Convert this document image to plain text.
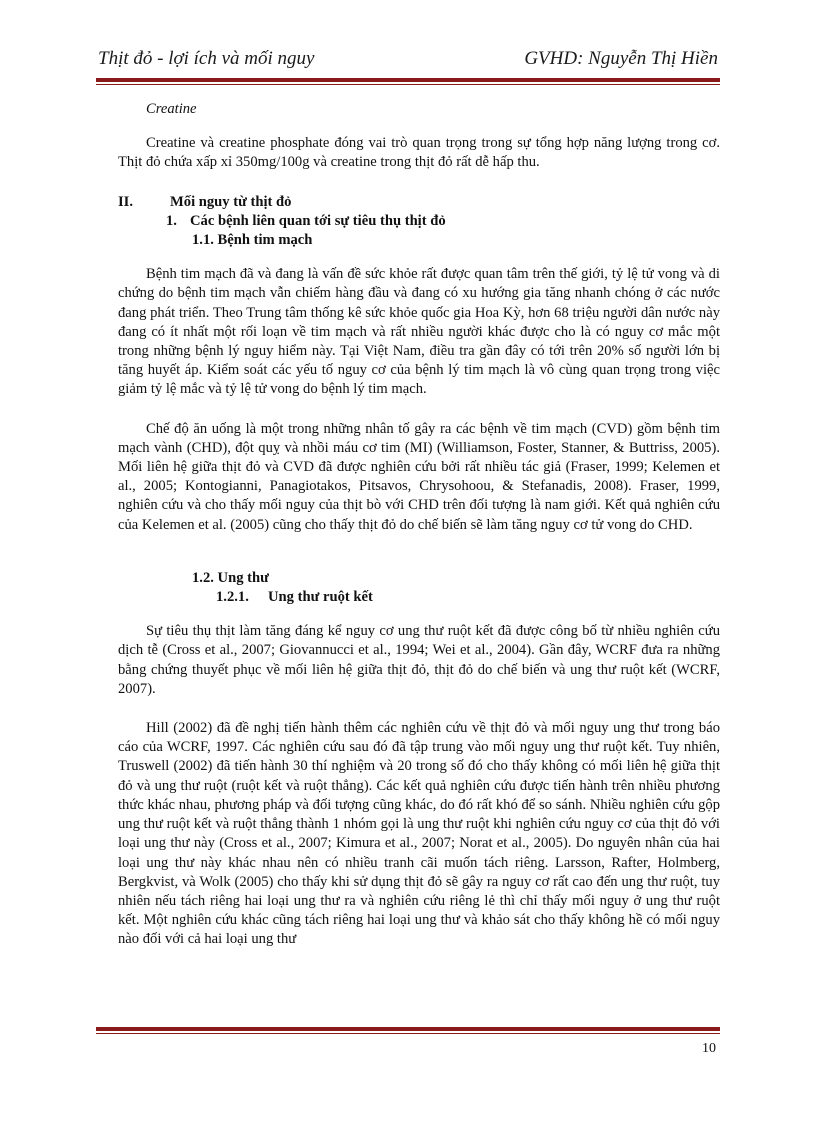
Thịt đỏ - lợi ích và mối nguy	GVHD: Nguyễn Thị Hiền
Creatine

Creatine và creatine phosphate đóng vai trò quan trọng trong sự tổng hợp năng lượng trong cơ. Thịt đỏ chứa xấp xỉ 350mg/100g và creatine trong thịt đỏ rất dễ hấp thu.

II.	Mối nguy từ thịt đỏ
1. Các bệnh liên quan tới sự tiêu thụ thịt đỏ
1.1. Bệnh tim mạch

Bệnh tim mạch đã và đang là vấn đề sức khỏe rất được quan tâm trên thế giới, tỷ lệ tử vong và di chứng do bệnh tim mạch vẫn chiếm hàng đầu và đang có xu hướng gia tăng nhanh chóng ở các nước đang phát triển. Theo Trung tâm thống kê sức khỏe quốc gia Hoa Kỳ, hơn 68 triệu người dân nước này đang có ít nhất một rối loạn về tim mạch và rất nhiều người khác được cho là có nguy cơ mắc một trong những bệnh lý nguy hiểm này. Tại Việt Nam, điều tra gần đây có tới trên 20% số người lớn bị tăng huyết áp. Kiểm soát các yếu tố nguy cơ của bệnh lý tim mạch là vô cùng quan trọng trong việc giảm tỷ lệ mắc và tỷ lệ tử vong do bệnh lý tim mạch.

Chế độ ăn uống là một trong những nhân tố gây ra các bệnh về tim mạch (CVD) gồm bệnh tim mạch vành (CHD), đột quỵ và nhồi máu cơ tim (MI) (Williamson, Foster, Stanner, & Buttriss, 2005). Mối liên hệ giữa thịt đỏ và CVD đã được nghiên cứu bởi rất nhiều tác giả (Fraser, 1999; Kelemen et al., 2005; Kontogianni, Panagiotakos, Pitsavos, Chrysohoou, & Stefanadis, 2008). Fraser, 1999, nghiên cứu và cho thấy mối nguy của thịt bò với CHD trên đối tượng là nam giới. Kết quả nghiên cứu của Kelemen et al. (2005) cũng cho thấy thịt đỏ do chế biến sẽ làm tăng nguy cơ tử vong do CHD.

1.2. Ung thư
1.2.1.	Ung thư ruột kết

Sự tiêu thụ thịt làm tăng đáng kể nguy cơ ung thư ruột kết đã được công bố từ nhiều nghiên cứu dịch tễ (Cross et al., 2007; Giovannucci et al., 1994; Wei et al., 2004). Gần đây, WCRF đưa ra những bằng chứng thuyết phục về mối liên hệ giữa thịt đỏ, thịt đỏ do chế biến và ung thư ruột kết (WCRF, 2007).

Hill (2002) đã đề nghị tiến hành thêm các nghiên cứu về thịt đỏ và mối nguy ung thư trong báo cáo của WCRF, 1997. Các nghiên cứu sau đó đã tập trung vào mối nguy ung thư ruột kết. Tuy nhiên, Truswell (2002) đã tiến hành 30 thí nghiệm và 20 trong số đó cho thấy không có mối liên hệ giữa thịt đỏ và ung thư ruột (ruột kết và ruột thẳng). Các kết quả nghiên cứu được tiến hành trên nhiều phương thức khác nhau, phương pháp và đối tượng cũng khác, do đó rất khó để so sánh. Nhiều nghiên cứu gộp ung thư ruột kết và ruột thẳng thành 1 nhóm gọi là ung thư ruột khi nghiên cứu nguy cơ của thịt đỏ với loại ung thư này (Cross et al., 2007; Kimura et al., 2007; Norat et al., 2005). Do nguyên nhân của hai loại ung thư này khác nhau nên có nhiều tranh cãi muốn tách riêng. Larsson, Rafter, Holmberg, Bergkvist, và Wolk (2005) cho thấy khi sử dụng thịt đỏ sẽ gây ra nguy cơ rất cao đến ung thư ruột, tuy nhiên nếu tách riêng hai loại ung thư ra và nghiên cứu riêng lẻ thì chỉ thấy mối nguy ở ung thư ruột kết. Một nghiên cứu khác cũng tách riêng hai loại ung thư và khảo sát cho thấy không hề có mối nguy nào đối với cả hai loại ung thư

10
